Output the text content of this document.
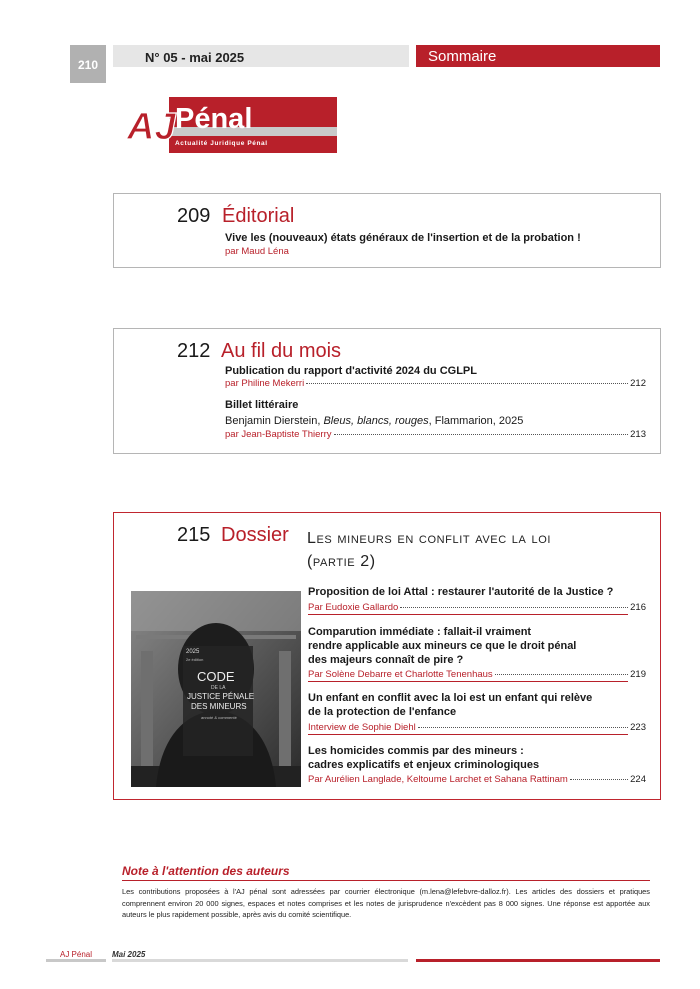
210	N° 05 - mai 2025	Sommaire
AJ Pénal
Actualité Juridique Pénal
209 Éditorial
Vive les (nouveaux) états généraux de l'insertion et de la probation !
par Maud Léna
212 Au fil du mois
Publication du rapport d'activité 2024 du CGLPL
par Philine Mekerri	212
Billet littéraire
Benjamin Dierstein, Bleus, blancs, rouges, Flammarion, 2025
par Jean-Baptiste Thierry	213
215 Dossier Les mineurs en conflit avec la loi
(partie 2)
2025
2e édition
CODE
DE LA
JUSTICE PÉNALE
DES MINEURS
annoté & commenté
Proposition de loi Attal : restaurer l'autorité de la Justice ?
Par Eudoxie Gallardo	216
Comparution immédiate : fallait-il vraiment
rendre applicable aux mineurs ce que le droit pénal
des majeurs connaît de pire ?
Par Solène Debarre et Charlotte Tenenhaus	219
Un enfant en conflit avec la loi est un enfant qui relève
de la protection de l'enfance
Interview de Sophie Diehl	223
Les homicides commis par des mineurs :
cadres explicatifs et enjeux criminologiques
Par Aurélien Langlade, Keltoume Larchet et Sahana Rattinam	224
Note à l'attention des auteurs
Les contributions proposées à l'AJ pénal sont adressées par courrier électronique (m.lena@lefebvre-dalloz.fr). Les articles des dossiers et pratiques comprennent environ 20 000 signes, espaces et notes comprises et les notes de jurisprudence n'excèdent pas 8 000 signes. Une réponse est apportée aux auteurs le plus rapidement possible, après avis du comité scientifique.
AJ Pénal Mai 2025
